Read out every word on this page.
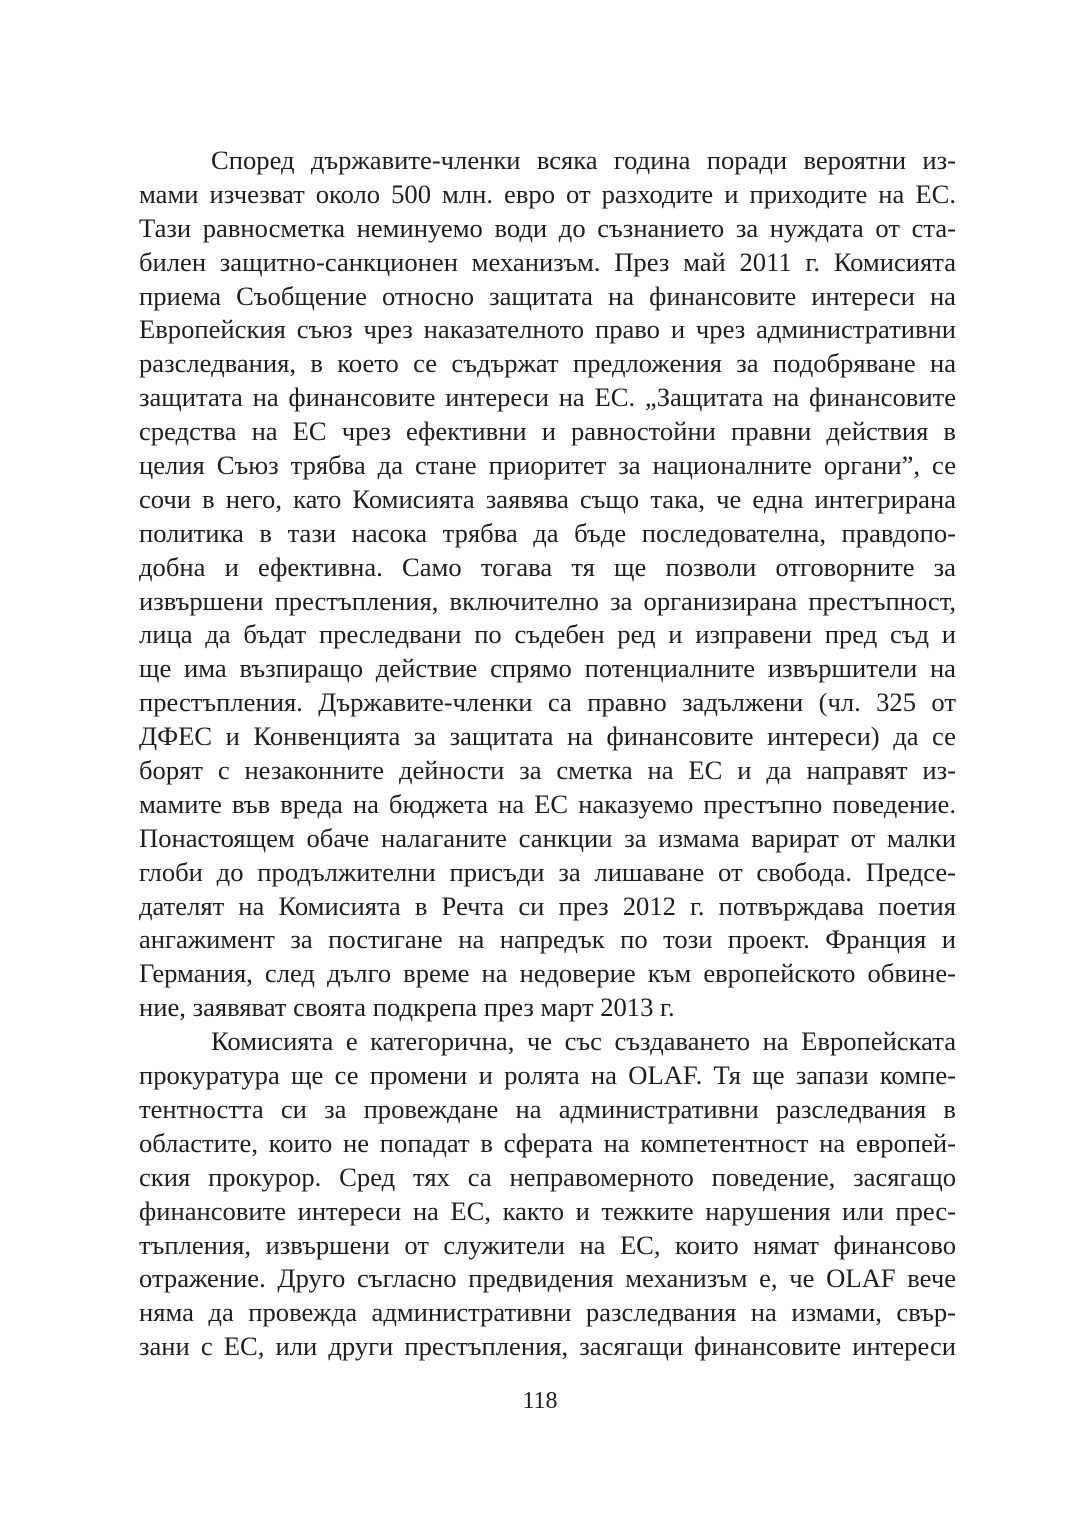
Според държавите-членки всяка година поради вероятни из-
мами изчезват около 500 млн. евро от разходите и приходите на ЕС.
Тази равносметка неминуемо води до съзнанието за нуждата от ста-
билен защитно-санкционен механизъм. През май 2011 г. Комисията
приема Съобщение относно защитата на финансовите интереси на
Европейския съюз чрез наказателното право и чрез административни
разследвания, в което се съдържат предложения за подобряване на
защитата на финансовите интереси на ЕС. „Защитата на финансовите
средства на ЕС чрез ефективни и равностойни правни действия в
целия Съюз трябва да стане приоритет за националните органи”, се
сочи в него, като Комисията заявява също така, че една интегрирана
политика в тази насока трябва да бъде последователна, правдопо-
добна и ефективна. Само тогава тя ще позволи отговорните за
извършени престъпления, включително за организирана престъпност,
лица да бъдат преследвани по съдебен ред и изправени пред съд и
ще има възпиращо действие спрямо потенциалните извършители на
престъпления. Държавите-членки са правно задължени (чл. 325 от
ДФЕС и Конвенцията за защитата на финансовите интереси) да се
борят с незаконните дейности за сметка на ЕС и да направят из-
мамите във вреда на бюджета на ЕС наказуемо престъпно поведение.
Понастоящем обаче налаганите санкции за измама варират от малки
глоби до продължителни присъди за лишаване от свобода. Предсе-
дателят на Комисията в Речта си през 2012 г. потвърждава поетия
ангажимент за постигане на напредък по този проект. Франция и
Германия, след дълго време на недоверие към европейското обвине-
ние, заявяват своята подкрепа през март 2013 г.
Комисията е категорична, че със създаването на Европейската
прокуратура ще се промени и ролята на OLAF. Тя ще запази компе-
тентността си за провеждане на административни разследвания в
областите, които не попадат в сферата на компетентност на европей-
ския прокурор. Сред тях са неправомерното поведение, засягащо
финансовите интереси на ЕС, както и тежките нарушения или прес-
тъпления, извършени от служители на ЕС, които нямат финансово
отражение. Друго съгласно предвидения механизъм е, че OLAF вече
няма да провежда административни разследвания на измами, свър-
зани с ЕС, или други престъпления, засягащи финансовите интереси
118
